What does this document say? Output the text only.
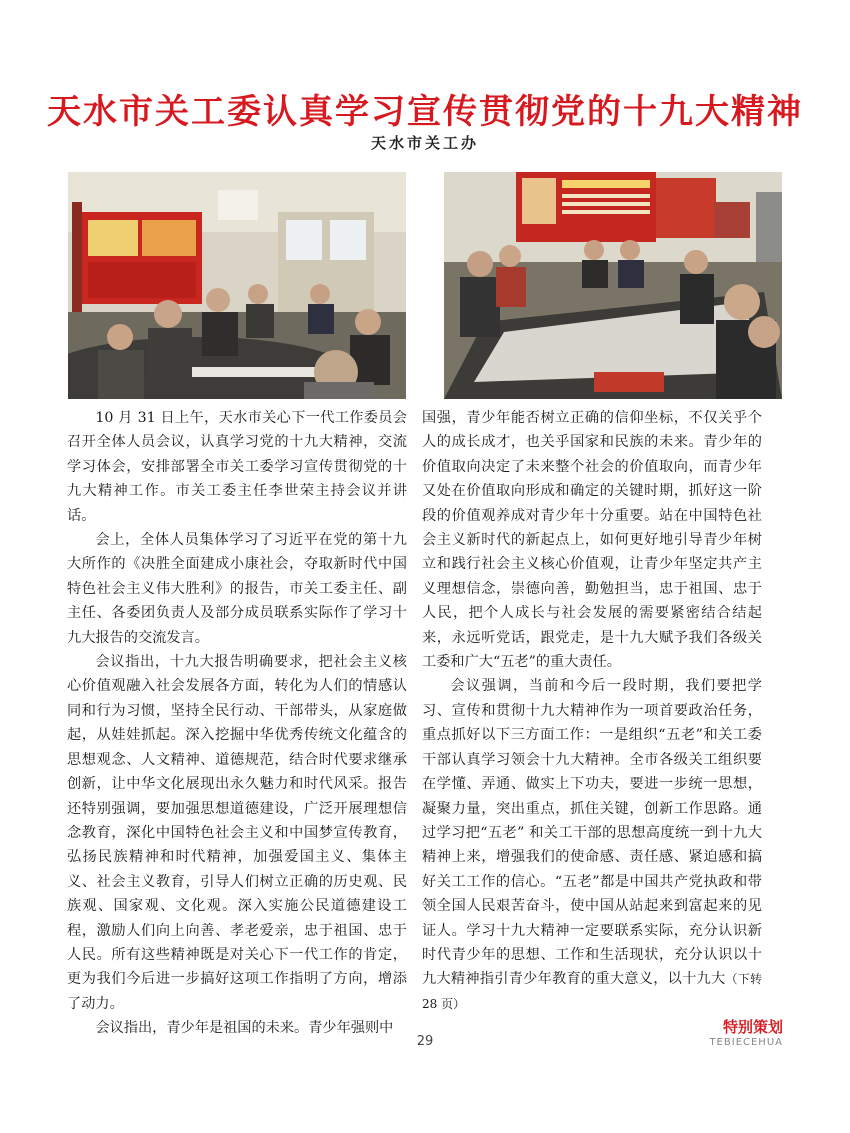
天水市关工委认真学习宣传贯彻党的十九大精神
天水市关工办

10 月 31 日上午，天水市关心下一代工作委员会召开全体人员会议，认真学习党的十九大精神，交流学习体会，安排部署全市关工委学习宣传贯彻党的十九大精神工作。市关工委主任李世荣主持会议并讲话。

会上，全体人员集体学习了习近平在党的第十九大所作的《决胜全面建成小康社会，夺取新时代中国特色社会主义伟大胜利》的报告，市关工委主任、副主任、各委团负责人及部分成员联系实际作了学习十九大报告的交流发言。

会议指出，十九大报告明确要求，把社会主义核心价值观融入社会发展各方面，转化为人们的情感认同和行为习惯，坚持全民行动、干部带头，从家庭做起，从娃娃抓起。深入挖掘中华优秀传统文化蕴含的思想观念、人文精神、道德规范，结合时代要求继承创新，让中华文化展现出永久魅力和时代风采。报告还特别强调，要加强思想道德建设，广泛开展理想信念教育，深化中国特色社会主义和中国梦宣传教育，弘扬民族精神和时代精神，加强爱国主义、集体主义、社会主义教育，引导人们树立正确的历史观、民族观、国家观、文化观。深入实施公民道德建设工程，激励人们向上向善、孝老爱亲，忠于祖国、忠于人民。所有这些精神既是对关心下一代工作的肯定，更为我们今后进一步搞好这项工作指明了方向，增添了动力。

会议指出，青少年是祖国的未来。青少年强则中

国强，青少年能否树立正确的信仰坐标，不仅关乎个人的成长成才，也关乎国家和民族的未来。青少年的价值取向决定了未来整个社会的价值取向，而青少年又处在价值取向形成和确定的关键时期，抓好这一阶段的价值观养成对青少年十分重要。站在中国特色社会主义新时代的新起点上，如何更好地引导青少年树立和践行社会主义核心价值观，让青少年坚定共产主义理想信念，崇德向善，勤勉担当，忠于祖国、忠于人民，把个人成长与社会发展的需要紧密结合结起来，永远听党话，跟党走，是十九大赋予我们各级关工委和广大“五老”的重大责任。

会议强调，当前和今后一段时期，我们要把学习、宣传和贯彻十九大精神作为一项首要政治任务，重点抓好以下三方面工作：一是组织“五老”和关工委干部认真学习领会十九大精神。全市各级关工组织要在学懂、弄通、做实上下功夫，要进一步统一思想，凝聚力量，突出重点，抓住关键，创新工作思路。通过学习把“五老” 和关工干部的思想高度统一到十九大精神上来，增强我们的使命感、责任感、紧迫感和搞好关工工作的信心。“五老”都是中国共产党执政和带领全国人民艰苦奋斗，使中国从站起来到富起来的见证人。学习十九大精神一定要联系实际，充分认识新时代青少年的思想、工作和生活现状，充分认识以十九大精神指引青少年教育的重大意义，以十九大（下转 28 页）

特别策划
TEBIECEHUA
29
